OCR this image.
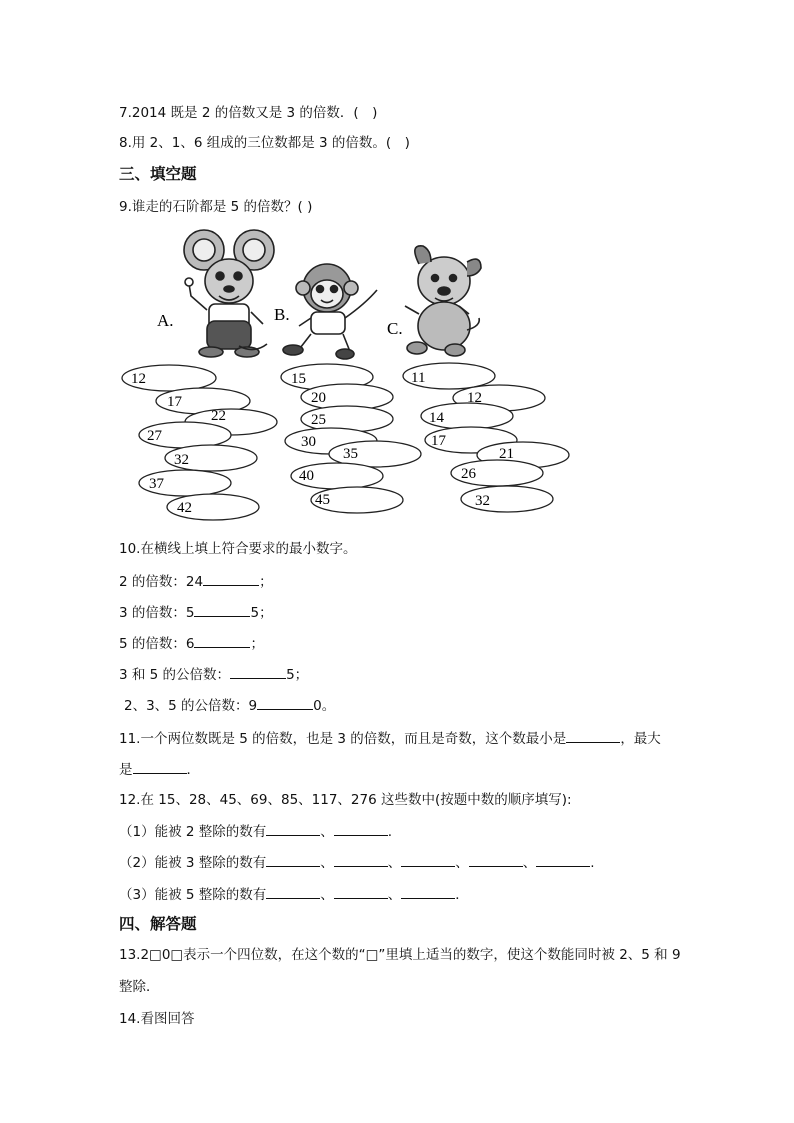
7.2014 既是 2 的倍数又是 3 的倍数．(　)
8.用 2、1、6 组成的三位数都是 3 的倍数。(　)
三、填空题
9.谁走的石阶都是 5 的倍数？( )
A.	B.
C.
12
17
22
27
32
37
42
15
20
25
30
35
40
45
11
12
14
17
21
26
32
10.在横线上填上符合要求的最小数字。
2 的倍数：24	；
3 的倍数：5	5；
5 的倍数：6	；
3 和 5 的公倍数：	5；
2、3、5 的公倍数：9	0。
11.一个两位数既是 5 的倍数，也是 3 的倍数，而且是奇数，这个数最小是	，最大
是	．
12.在 15、28、45、69、85、117、276 这些数中(按题中数的顺序填写):
（1）能被 2 整除的数有	、	.
（2）能被 3 整除的数有	、	、	、	、	.
（3）能被 5 整除的数有	、	、	．
四、解答题
13.2□0□表示一个四位数，在这个数的“□”里填上适当的数字，使这个数能同时被 2、5 和 9
整除．
14.看图回答
